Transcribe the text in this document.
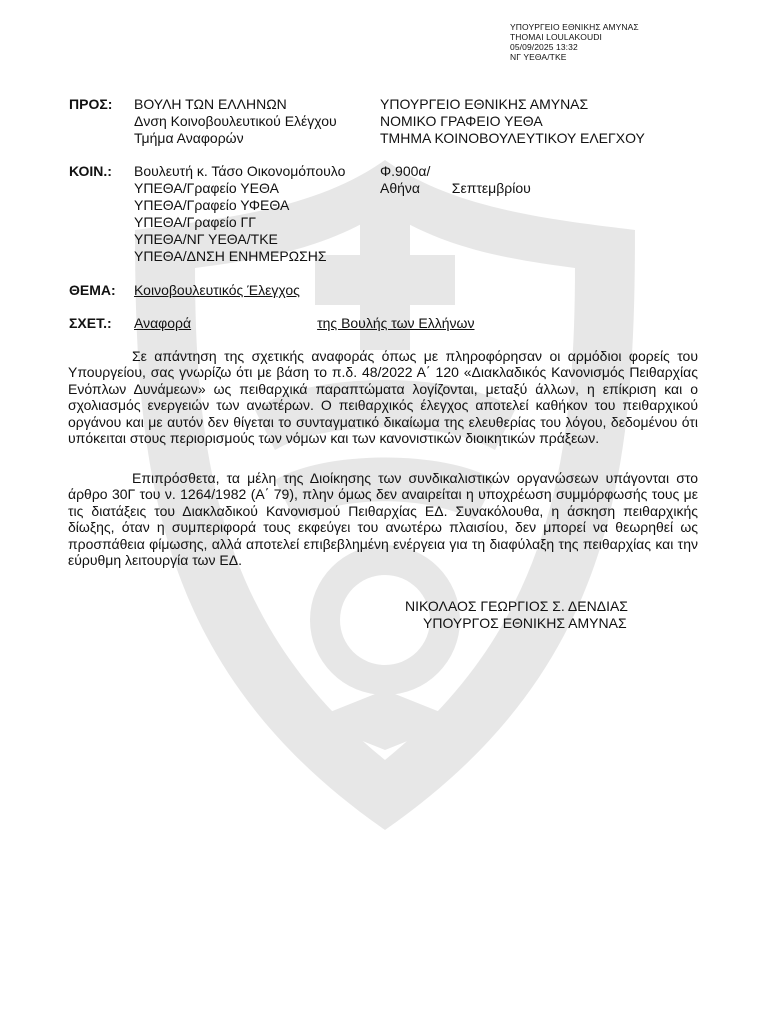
ΥΠΟΥΡΓΕΙΟ ΕΘΝΙΚΗΣ ΑΜΥΝΑΣ
THOMAI LOULAKOUDI
05/09/2025 13:32
ΝΓ ΥΕΘΑ/ΤΚΕ
ΠΡΟΣ: ΒΟΥΛΗ ΤΩΝ ΕΛΛΗΝΩΝ
Δνση Κοινοβουλευτικού Ελέγχου
Τμήμα Αναφορών
ΥΠΟΥΡΓΕΙΟ ΕΘΝΙΚΗΣ ΑΜΥΝΑΣ
ΝΟΜΙΚΟ ΓΡΑΦΕΙΟ ΥΕΘΑ
ΤΜΗΜΑ ΚΟΙΝΟΒΟΥΛΕΥΤΙΚΟΥ ΕΛΕΓΧΟΥ
ΚΟΙΝ.: Βουλευτή κ. Τάσο Οικονομόπουλο
ΥΠΕΘΑ/Γραφείο ΥΕΘΑ
ΥΠΕΘΑ/Γραφείο ΥΦΕΘΑ
ΥΠΕΘΑ/Γραφείο ΓΓ
ΥΠΕΘΑ/ΝΓ ΥΕΘΑ/ΤΚΕ
ΥΠΕΘΑ/ΔΝΣΗ ΕΝΗΜΕΡΩΣΗΣ
Φ.900α/
Αθήνα Σεπτεμβρίου
ΘΕΜΑ: Κοινοβουλευτικός Έλεγχος
ΣΧΕΤ.: Αναφορά	της Βουλής των Ελλήνων

Σε απάντηση της σχετικής αναφοράς όπως με πληροφόρησαν οι αρμόδιοι φορείς του Υπουργείου, σας γνωρίζω ότι με βάση το π.δ. 48/2022 Α΄ 120 «Διακλαδικός Κανονισμός Πειθαρχίας Ενόπλων Δυνάμεων» ως πειθαρχικά παραπτώματα λογίζονται, μεταξύ άλλων, η επίκριση και ο σχολιασμός ενεργειών των ανωτέρων. Ο πειθαρχικός έλεγχος αποτελεί καθήκον του πειθαρχικού οργάνου και με αυτόν δεν θίγεται το συνταγματικό δικαίωμα της ελευθερίας του λόγου, δεδομένου ότι υπόκειται στους περιορισμούς των νόμων και των κανονιστικών διοικητικών πράξεων.

Επιπρόσθετα, τα μέλη της Διοίκησης των συνδικαλιστικών οργανώσεων υπάγονται στο άρθρο 30Γ του ν. 1264/1982 (Α΄ 79), πλην όμως δεν αναιρείται η υποχρέωση συμμόρφωσής τους με τις διατάξεις του Διακλαδικού Κανονισμού Πειθαρχίας ΕΔ. Συνακόλουθα, η άσκηση πειθαρχικής δίωξης, όταν η συμπεριφορά τους εκφεύγει του ανωτέρω πλαισίου, δεν μπορεί να θεωρηθεί ως προσπάθεια φίμωσης, αλλά αποτελεί επιβεβλημένη ενέργεια για τη διαφύλαξη της πειθαρχίας και την εύρυθμη λειτουργία των ΕΔ.

ΝΙΚΟΛΑΟΣ ΓΕΩΡΓΙΟΣ Σ. ΔΕΝΔΙΑΣ
ΥΠΟΥΡΓΟΣ ΕΘΝΙΚΗΣ ΑΜΥΝΑΣ
